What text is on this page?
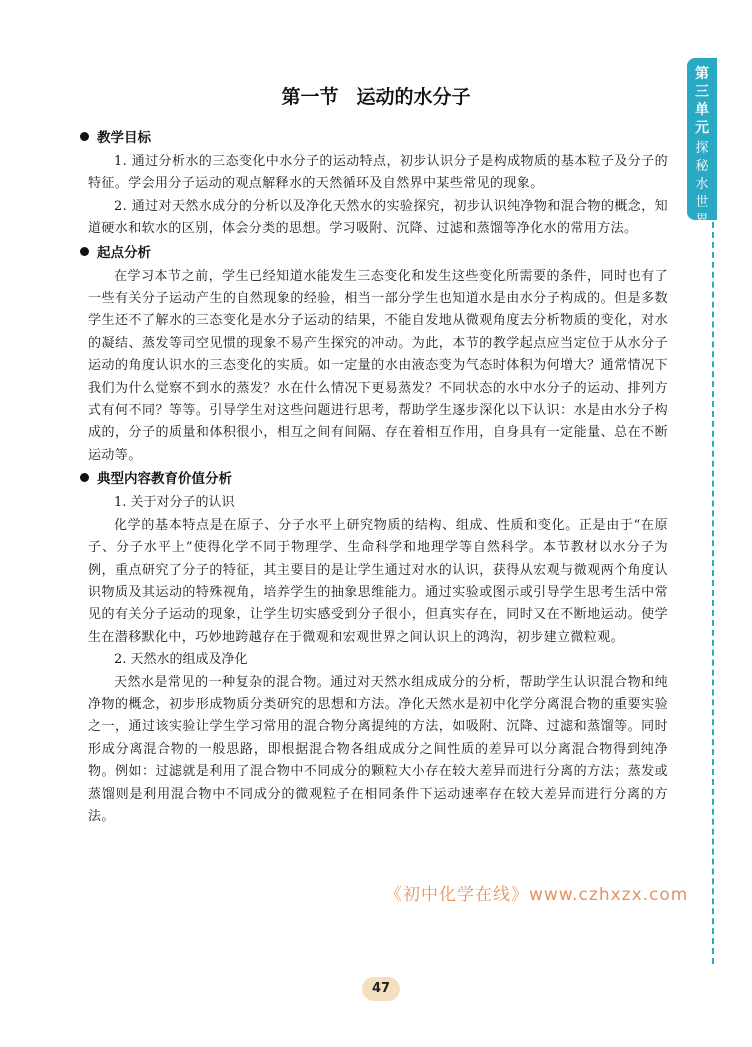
第
三
单
元
探
秘
水
世
界
第一节 运动的水分子
教学目标

1. 通过分析水的三态变化中水分子的运动特点，初步认识分子是构成物质的基本粒子及分子的特征。学会用分子运动的观点解释水的天然循环及自然界中某些常见的现象。

2. 通过对天然水成分的分析以及净化天然水的实验探究，初步认识纯净物和混合物的概念，知道硬水和软水的区别，体会分类的思想。学习吸附、沉降、过滤和蒸馏等净化水的常用方法。

起点分析

在学习本节之前，学生已经知道水能发生三态变化和发生这些变化所需要的条件，同时也有了一些有关分子运动产生的自然现象的经验，相当一部分学生也知道水是由水分子构成的。但是多数学生还不了解水的三态变化是水分子运动的结果，不能自发地从微观角度去分析物质的变化，对水的凝结、蒸发等司空见惯的现象不易产生探究的冲动。为此，本节的教学起点应当定位于从水分子运动的角度认识水的三态变化的实质。如一定量的水由液态变为气态时体积为何增大？通常情况下我们为什么觉察不到水的蒸发？水在什么情况下更易蒸发？不同状态的水中水分子的运动、排列方式有何不同？等等。引导学生对这些问题进行思考，帮助学生逐步深化以下认识：水是由水分子构成的，分子的质量和体积很小，相互之间有间隔、存在着相互作用，自身具有一定能量、总在不断运动等。

典型内容教育价值分析

1. 关于对分子的认识

化学的基本特点是在原子、分子水平上研究物质的结构、组成、性质和变化。正是由于“在原子、分子水平上”使得化学不同于物理学、生命科学和地理学等自然科学。本节教材以水分子为例，重点研究了分子的特征，其主要目的是让学生通过对水的认识，获得从宏观与微观两个角度认识物质及其运动的特殊视角，培养学生的抽象思维能力。通过实验或图示或引导学生思考生活中常见的有关分子运动的现象，让学生切实感受到分子很小，但真实存在，同时又在不断地运动。使学生在潜移默化中，巧妙地跨越存在于微观和宏观世界之间认识上的鸿沟，初步建立微粒观。

2. 天然水的组成及净化

天然水是常见的一种复杂的混合物。通过对天然水组成成分的分析，帮助学生认识混合物和纯净物的概念，初步形成物质分类研究的思想和方法。净化天然水是初中化学分离混合物的重要实验之一，通过该实验让学生学习常用的混合物分离提纯的方法，如吸附、沉降、过滤和蒸馏等。同时形成分离混合物的一般思路，即根据混合物各组成成分之间性质的差异可以分离混合物得到纯净物。例如：过滤就是利用了混合物中不同成分的颗粒大小存在较大差异而进行分离的方法；蒸发或蒸馏则是利用混合物中不同成分的微观粒子在相同条件下运动速率存在较大差异而进行分离的方法。

《初中化学在线》www.czhxzx.com
47
